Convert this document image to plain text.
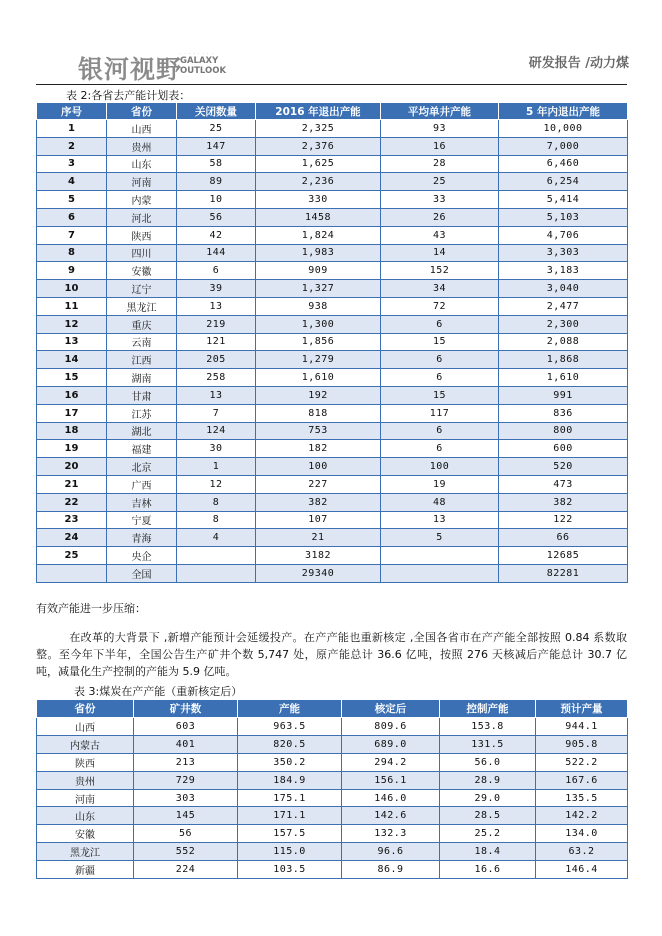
银河视野
· · · · · · · ·
GALAXY
OUTLOOK	研发报告 /动力煤
表 2:各省去产能计划表：
序号	省份	关闭数量	2016 年退出产能	平均单井产能	5 年内退出产能
1	山西	25	2,325	93	10,000
2	贵州	147	2,376	16	7,000
3	山东	58	1,625	28	6,460
4	河南	89	2,236	25	6,254
5	内蒙	10	330	33	5,414
6	河北	56	1458	26	5,103
7	陕西	42	1,824	43	4,706
8	四川	144	1,983	14	3,303
9	安徽	6	909	152	3,183
10	辽宁	39	1,327	34	3,040
11	黑龙江	13	938	72	2,477
12	重庆	219	1,300	6	2,300
13	云南	121	1,856	15	2,088
14	江西	205	1,279	6	1,868
15	湖南	258	1,610	6	1,610
16	甘肃	13	192	15	991
17	江苏	7	818	117	836
18	湖北	124	753	6	800
19	福建	30	182	6	600
20	北京	1	100	100	520
21	广西	12	227	19	473
22	吉林	8	382	48	382
23	宁夏	8	107	13	122
24	青海	4	21	5	66
25	央企		3182		12685
	全国		29340		82281
有效产能进一步压缩：
在改革的大背景下 ,新增产能预计会延缓投产。在产产能也重新核定 ,全国各省市在产产能全部按照 0.84 系数取整。至今年下半年，全国公告生产矿井个数 5,747 处，原产能总计 36.6 亿吨，按照 276 天核减后产能总计 30.7 亿吨，减量化生产控制的产能为 5.9 亿吨。
表 3:煤炭在产产能（重新核定后）
省份	矿井数	产能	核定后	控制产能	预计产量
山西	603	963.5	809.6	153.8	944.1
内蒙古	401	820.5	689.0	131.5	905.8
陕西	213	350.2	294.2	56.0	522.2
贵州	729	184.9	156.1	28.9	167.6
河南	303	175.1	146.0	29.0	135.5
山东	145	171.1	142.6	28.5	142.2
安徽	56	157.5	132.3	25.2	134.0
黑龙江	552	115.0	96.6	18.4	63.2
新疆	224	103.5	86.9	16.6	146.4
